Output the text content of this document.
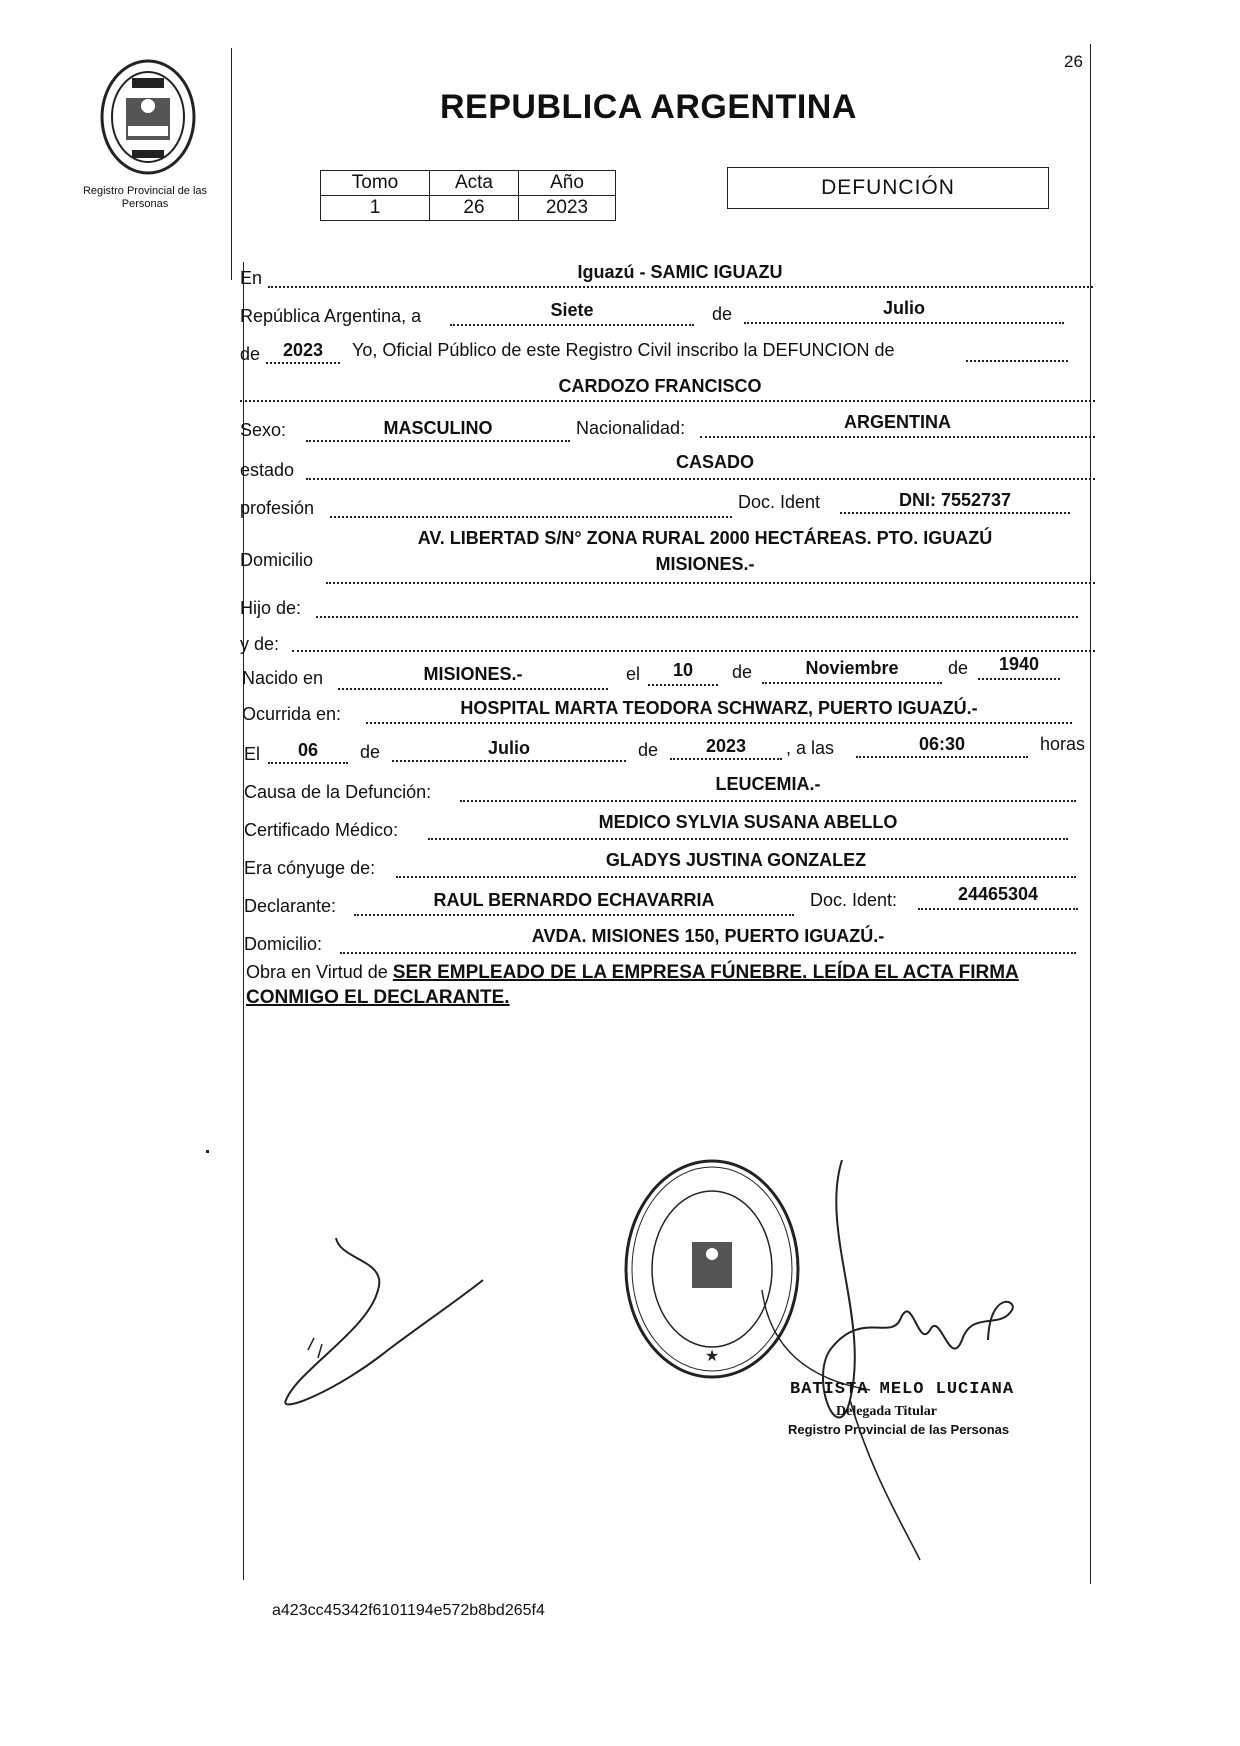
26
Registro Provincial de las Personas
REPUBLICA ARGENTINA
Tomo	Acta	Año
1	26	2023
DEFUNCIÓN
En	Iguazú - SAMIC IGUAZU
República Argentina, a	Siete	de	Julio
de	2023	Yo, Oficial Público de este Registro Civil inscribo la DEFUNCION de
CARDOZO FRANCISCO
Sexo:	MASCULINO	Nacionalidad:	ARGENTINA
estado	CASADO
profesión	Doc. Ident	DNI: 7552737
Domicilio
AV. LIBERTAD S/N° ZONA RURAL 2000 HECTÁREAS. PTO. IGUAZÚ
MISIONES.-
Hijo de:
y de:
Nacido en	MISIONES.-	el	10	de	Noviembre	de	1940
Ocurrida en:	HOSPITAL MARTA TEODORA SCHWARZ, PUERTO IGUAZÚ.-
El	06	de	Julio	de	2023	, a las	06:30	horas
Causa de la Defunción:	LEUCEMIA.-
Certificado Médico:	MEDICO SYLVIA SUSANA ABELLO
Era cónyuge de:	GLADYS JUSTINA GONZALEZ
Declarante:	RAUL BERNARDO ECHAVARRIA	Doc. Ident:	24465304
Domicilio:	AVDA. MISIONES 150, PUERTO IGUAZÚ.-
Obra en Virtud de SER EMPLEADO DE LA EMPRESA FÚNEBRE. LEÍDA EL ACTA FIRMA
CONMIGO EL DECLARANTE.
★
BATISTA MELO LUCIANA
Delegada Titular
Registro Provincial de las Personas
a423cc45342f6101194e572b8bd265f4
